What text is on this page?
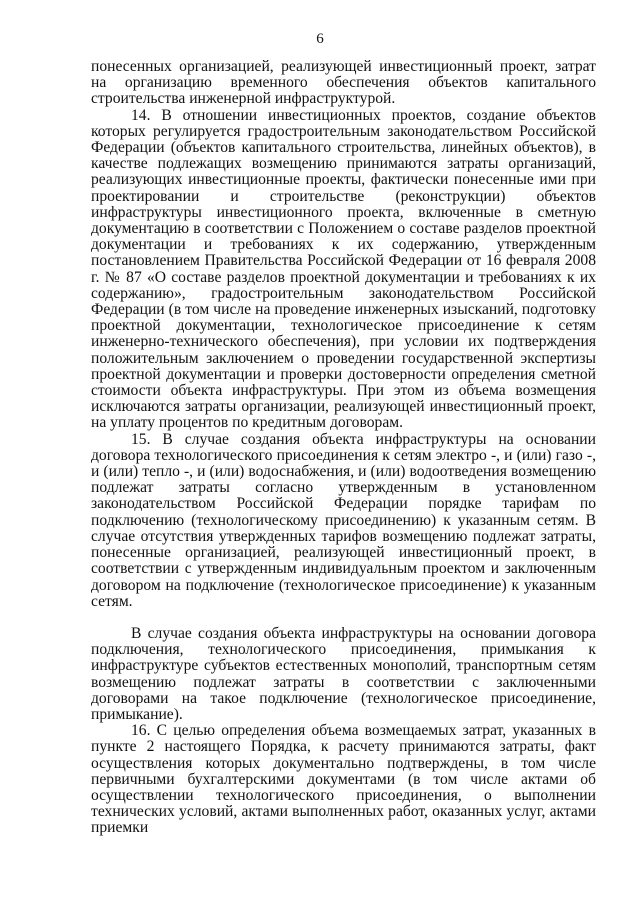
6

понесенных организацией, реализующей инвестиционный проект, затрат на организацию временного обеспечения объектов капитального строительства инженерной инфраструктурой.

14. В отношении инвестиционных проектов, создание объектов которых регулируется градостроительным законодательством Российской Федерации (объектов капитального строительства, линейных объектов), в качестве подлежащих возмещению принимаются затраты организаций, реализующих инвестиционные проекты, фактически понесенные ими при проектировании и строительстве (реконструкции) объектов инфраструктуры инвестиционного проекта, включенные в сметную документацию в соответствии с Положением о составе разделов проектной документации и требованиях к их содержанию, утвержденным постановлением Правительства Российской Федерации от 16 февраля 2008 г. № 87 «О составе разделов проектной документации и требованиях к их содержанию», градостроительным законодательством Российской Федерации (в том числе на проведение инженерных изысканий, подготовку проектной документации, технологическое присоединение к сетям инженерно-технического обеспечения), при условии их подтверждения положительным заключением о проведении государственной экспертизы проектной документации и проверки достоверности определения сметной стоимости объекта инфраструктуры. При этом из объема возмещения исключаются затраты организации, реализующей инвестиционный проект, на уплату процентов по кредитным договорам.

15. В случае создания объекта инфраструктуры на основании договора технологического присоединения к сетям электро -, и (или) газо -, и (или) тепло -, и (или) водоснабжения, и (или) водоотведения возмещению подлежат затраты согласно утвержденным в установленном законодательством Российской Федерации порядке тарифам по подключению (технологическому присоединению) к указанным сетям. В случае отсутствия утвержденных тарифов возмещению подлежат затраты, понесенные организацией, реализующей инвестиционный проект, в соответствии с утвержденным индивидуальным проектом и заключенным договором на подключение (технологическое присоединение) к указанным сетям.

В случае создания объекта инфраструктуры на основании договора подключения, технологического присоединения, примыкания к инфраструктуре субъектов естественных монополий, транспортным сетям возмещению подлежат затраты в соответствии с заключенными договорами на такое подключение (технологическое присоединение, примыкание).

16. С целью определения объема возмещаемых затрат, указанных в пункте 2 настоящего Порядка, к расчету принимаются затраты, факт осуществления которых документально подтверждены, в том числе первичными бухгалтерскими документами (в том числе актами об осуществлении технологического присоединения, о выполнении технических условий, актами выполненных работ, оказанных услуг, актами приемки
